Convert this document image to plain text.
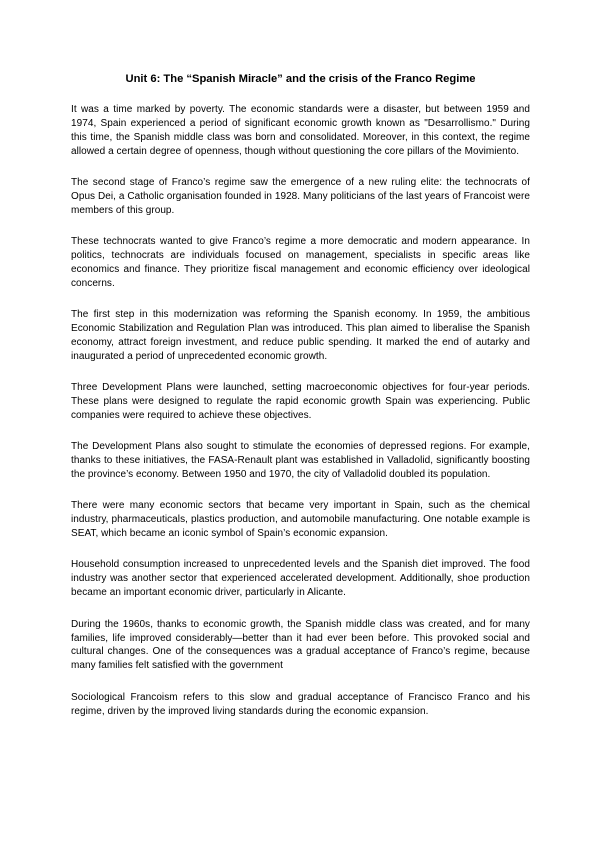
Unit 6: The “Spanish Miracle” and the crisis of the Franco Regime

It was a time marked by poverty. The economic standards were a disaster, but between 1959 and 1974, Spain experienced a period of significant economic growth known as "Desarrollismo." During this time, the Spanish middle class was born and consolidated. Moreover, in this context, the regime allowed a certain degree of openness, though without questioning the core pillars of the Movimiento.

The second stage of Franco’s regime saw the emergence of a new ruling elite: the technocrats of Opus Dei, a Catholic organisation founded in 1928. Many politicians of the last years of Francoist were members of this group.

These technocrats wanted to give Franco’s regime a more democratic and modern appearance. In politics, technocrats are individuals focused on management, specialists in specific areas like economics and finance. They prioritize fiscal management and economic efficiency over ideological concerns.

The first step in this modernization was reforming the Spanish economy. In 1959, the ambitious Economic Stabilization and Regulation Plan was introduced. This plan aimed to liberalise the Spanish economy, attract foreign investment, and reduce public spending. It marked the end of autarky and inaugurated a period of unprecedented economic growth.

Three Development Plans were launched, setting macroeconomic objectives for four-year periods. These plans were designed to regulate the rapid economic growth Spain was experiencing. Public companies were required to achieve these objectives.

The Development Plans also sought to stimulate the economies of depressed regions. For example, thanks to these initiatives, the FASA-Renault plant was established in Valladolid, significantly boosting the province’s economy. Between 1950 and 1970, the city of Valladolid doubled its population.

There were many economic sectors that became very important in Spain, such as the chemical industry, pharmaceuticals, plastics production, and automobile manufacturing. One notable example is SEAT, which became an iconic symbol of Spain’s economic expansion.

Household consumption increased to unprecedented levels and the Spanish diet improved. The food industry was another sector that experienced accelerated development. Additionally, shoe production became an important economic driver, particularly in Alicante.

During the 1960s, thanks to economic growth, the Spanish middle class was created, and for many families, life improved considerably—better than it had ever been before. This provoked social and cultural changes. One of the consequences was a gradual acceptance of Franco’s regime, because many families felt satisfied with the government

Sociological Francoism refers to this slow and gradual acceptance of Francisco Franco and his regime, driven by the improved living standards during the economic expansion.
